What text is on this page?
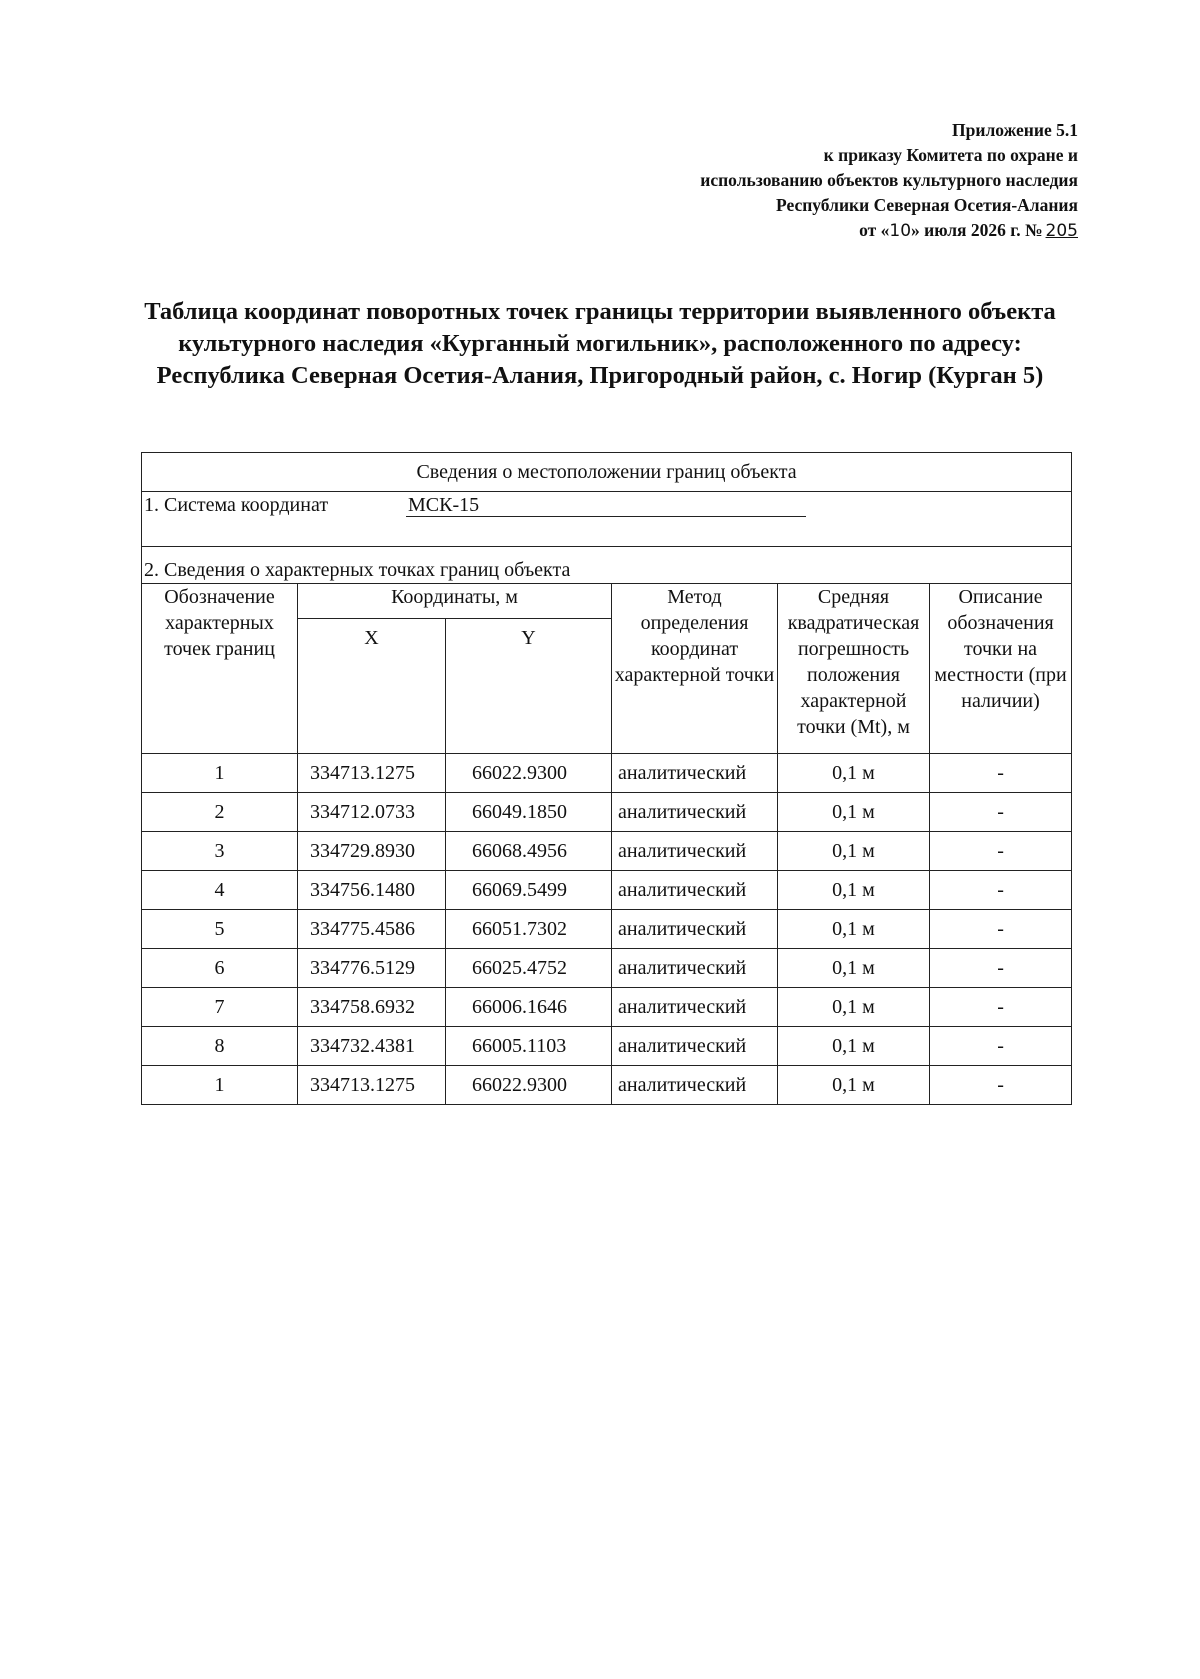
Приложение 5.1
к приказу Комитета по охране и
использованию объектов культурного наследия
Республики Северная Осетия-Алания
от «10» июля 2026 г. № 205
Таблица координат поворотных точек границы территории выявленного объекта культурного наследия «Курганный могильник», расположенного по адресу: Республика Северная Осетия-Алания, Пригородный район, с. Ногир (Курган 5)
Сведения о местоположении границ объекта					
1. Система координат МСК-15					
2. Сведения о характерных точках границ объекта					
Обозначение характерных точек границ	Координаты, м		Метод определения координат характерной точки	Средняя квадратическая погрешность положения характерной точки (Mt), м	Описание обозначения точки на местности (при наличии)
	X	Y			
1	334713.1275	66022.9300	аналитический	0,1 м	-
2	334712.0733	66049.1850	аналитический	0,1 м	-
3	334729.8930	66068.4956	аналитический	0,1 м	-
4	334756.1480	66069.5499	аналитический	0,1 м	-
5	334775.4586	66051.7302	аналитический	0,1 м	-
6	334776.5129	66025.4752	аналитический	0,1 м	-
7	334758.6932	66006.1646	аналитический	0,1 м	-
8	334732.4381	66005.1103	аналитический	0,1 м	-
1	334713.1275	66022.9300	аналитический	0,1 м	-
